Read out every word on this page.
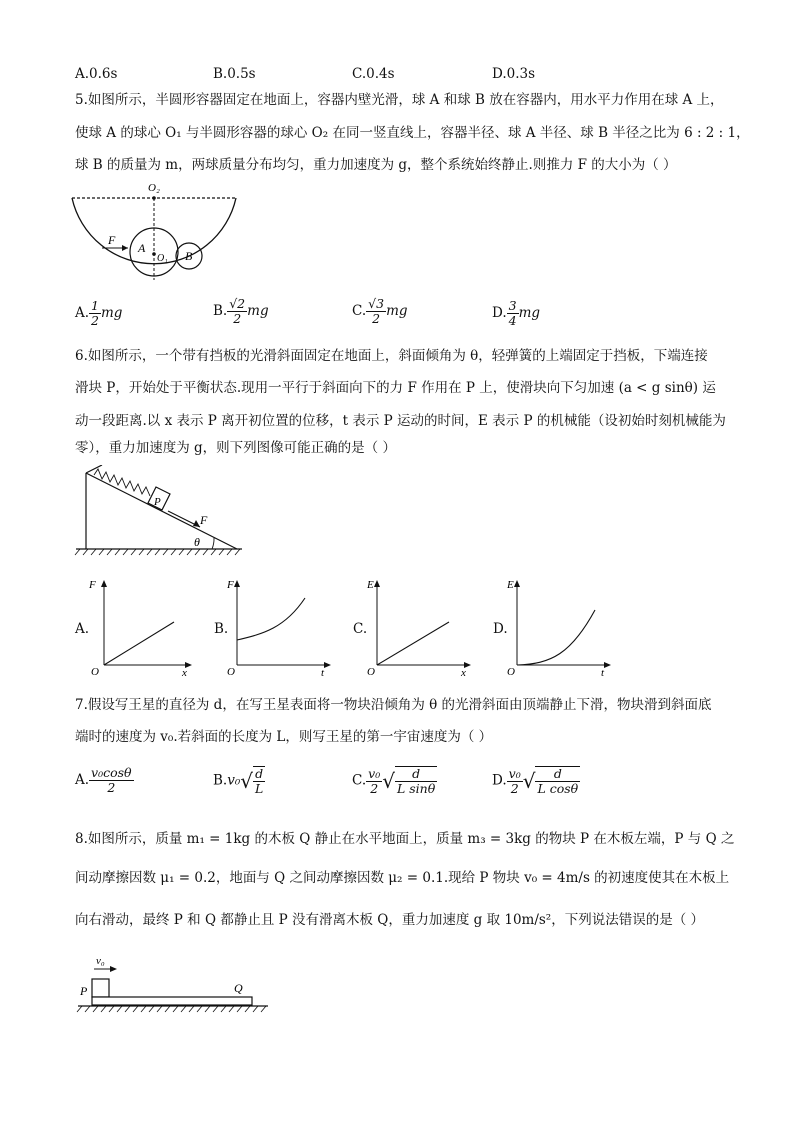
A.0.6s	B.0.5s	C.0.4s	D.0.3s
5.如图所示，半圆形容器固定在地面上，容器内壁光滑，球 A 和球 B 放在容器内，用水平力作用在球 A 上，
使球 A 的球心 O₁ 与半圆形容器的球心 O₂ 在同一竖直线上，容器半径、球 A 半径、球 B 半径之比为 6 : 2 : 1，
球 B 的质量为 m，两球质量分布均匀，重力加速度为 g，整个系统始终静止.则推力 F 的大小为（ ）
O₂
A
O₁ B
F
A. $\frac{1}{2}$ mg	B. $\frac{√2}{2}$ mg	C. $\frac{√3}{2}$ mg	D. $\frac{3}{4}$ mg
6.如图所示，一个带有挡板的光滑斜面固定在地面上，斜面倾角为 θ，轻弹簧的上端固定于挡板，下端连接
滑块 P，开始处于平衡状态.现用一平行于斜面向下的力 F 作用在 P 上，使滑块向下匀加速 (a < g sinθ) 运
动一段距离.以 x 表示 P 离开初位置的位移，t 表示 P 运动的时间，E 表示 P 的机械能（设初始时刻机械能为
零），重力加速度为 g，则下列图像可能正确的是（ ）
P
F
θ
A.
F
x
O
B.
F
t
O
C.
E
x
O
D.
E
t
O
7.假设写王星的直径为 d，在写王星表面将一物块沿倾角为 θ 的光滑斜面由顶端静止下滑，物块滑到斜面底
端时的速度为 v₀.若斜面的长度为 L，则写王星的第一宇宙速度为（ ）
A. $\frac{\text{v₀cosθ}}{2}$	$B.v_0√ \frac{d}{L}$	C. $\frac{\text{v₀}}{2}$ √ $\frac{d}{\text{L sinθ}}$	D. $\frac{\text{v₀}}{2}$ √ $\frac{d}{\text{L cosθ}}$
8.如图所示，质量 m₁ = 1kg 的木板 Q 静止在水平地面上，质量 m₃ = 3kg 的物块 P 在木板左端，P 与 Q 之
间动摩擦因数 μ₁ = 0.2，地面与 Q 之间动摩擦因数 μ₂ = 0.1.现给 P 物块 v₀ = 4m/s 的初速度使其在木板上
向右滑动，最终 P 和 Q 都静止且 P 没有滑离木板 Q，重力加速度 g 取 10m/s²，下列说法错误的是（ ）
v₀
P	Q
